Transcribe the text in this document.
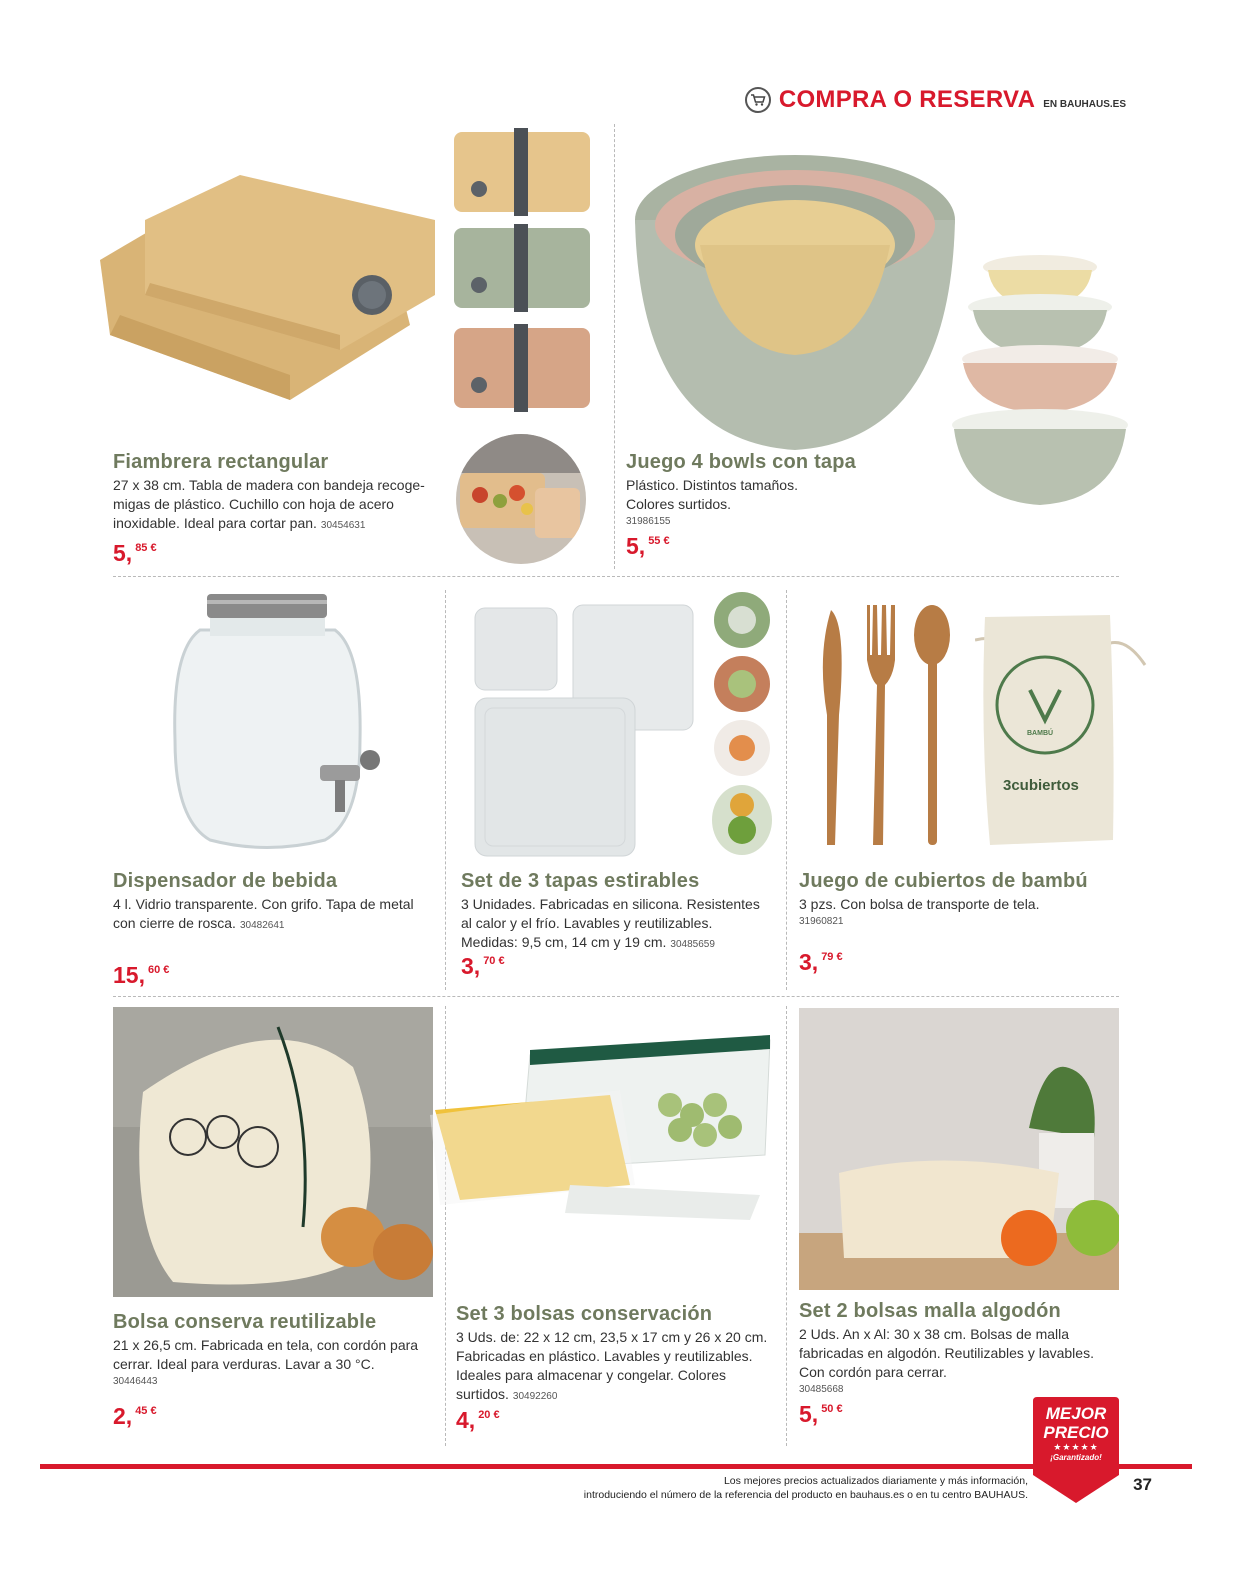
COMPRA O RESERVA EN BAUHAUS.ES
3cubiertos
BAMBÚ
Fiambrera rectangular
27 x 38 cm. Tabla de madera con bandeja recoge-migas de plástico. Cuchillo con hoja de acero inoxidable. Ideal para cortar pan. 30454631
5 , 85 €
Juego 4 bowls con tapa
Plástico. Distintos tamaños. Colores surtidos.
31986155
5 , 55 €
Dispensador de bebida
4 l. Vidrio transparente. Con grifo. Tapa de metal con cierre de rosca. 30482641
15 , 60 €
Set de 3 tapas estirables
3 Unidades. Fabricadas en silicona. Resistentes al calor y el frío. Lavables y reutilizables. Medidas: 9,5 cm, 14 cm y 19 cm. 30485659
3 , 70 €
Juego de cubiertos de bambú
3 pzs. Con bolsa de transporte de tela.
31960821
3 , 79 €
Bolsa conserva reutilizable
21 x 26,5 cm. Fabricada en tela, con cordón para cerrar. Ideal para verduras. Lavar a 30 °C.
30446443
2 , 45 €
Set 3 bolsas conservación
3 Uds. de: 22 x 12 cm, 23,5 x 17 cm y 26 x 20 cm. Fabricadas en plástico. Lavables y reutilizables. Ideales para almacenar y congelar. Colores surtidos. 30492260
4 , 20 €
Set 2 bolsas malla algodón
2 Uds. An x Al: 30 x 38 cm. Bolsas de malla fabricadas en algodón. Reutilizables y lavables. Con cordón para cerrar.
30485668
5 , 50 €	MEJOR
PRECIO
★★★★★
¡Garantizado!
Los mejores precios actualizados diariamente y más información,
introduciendo el número de la referencia del producto en bauhaus.es o en tu centro BAUHAUS.
37
